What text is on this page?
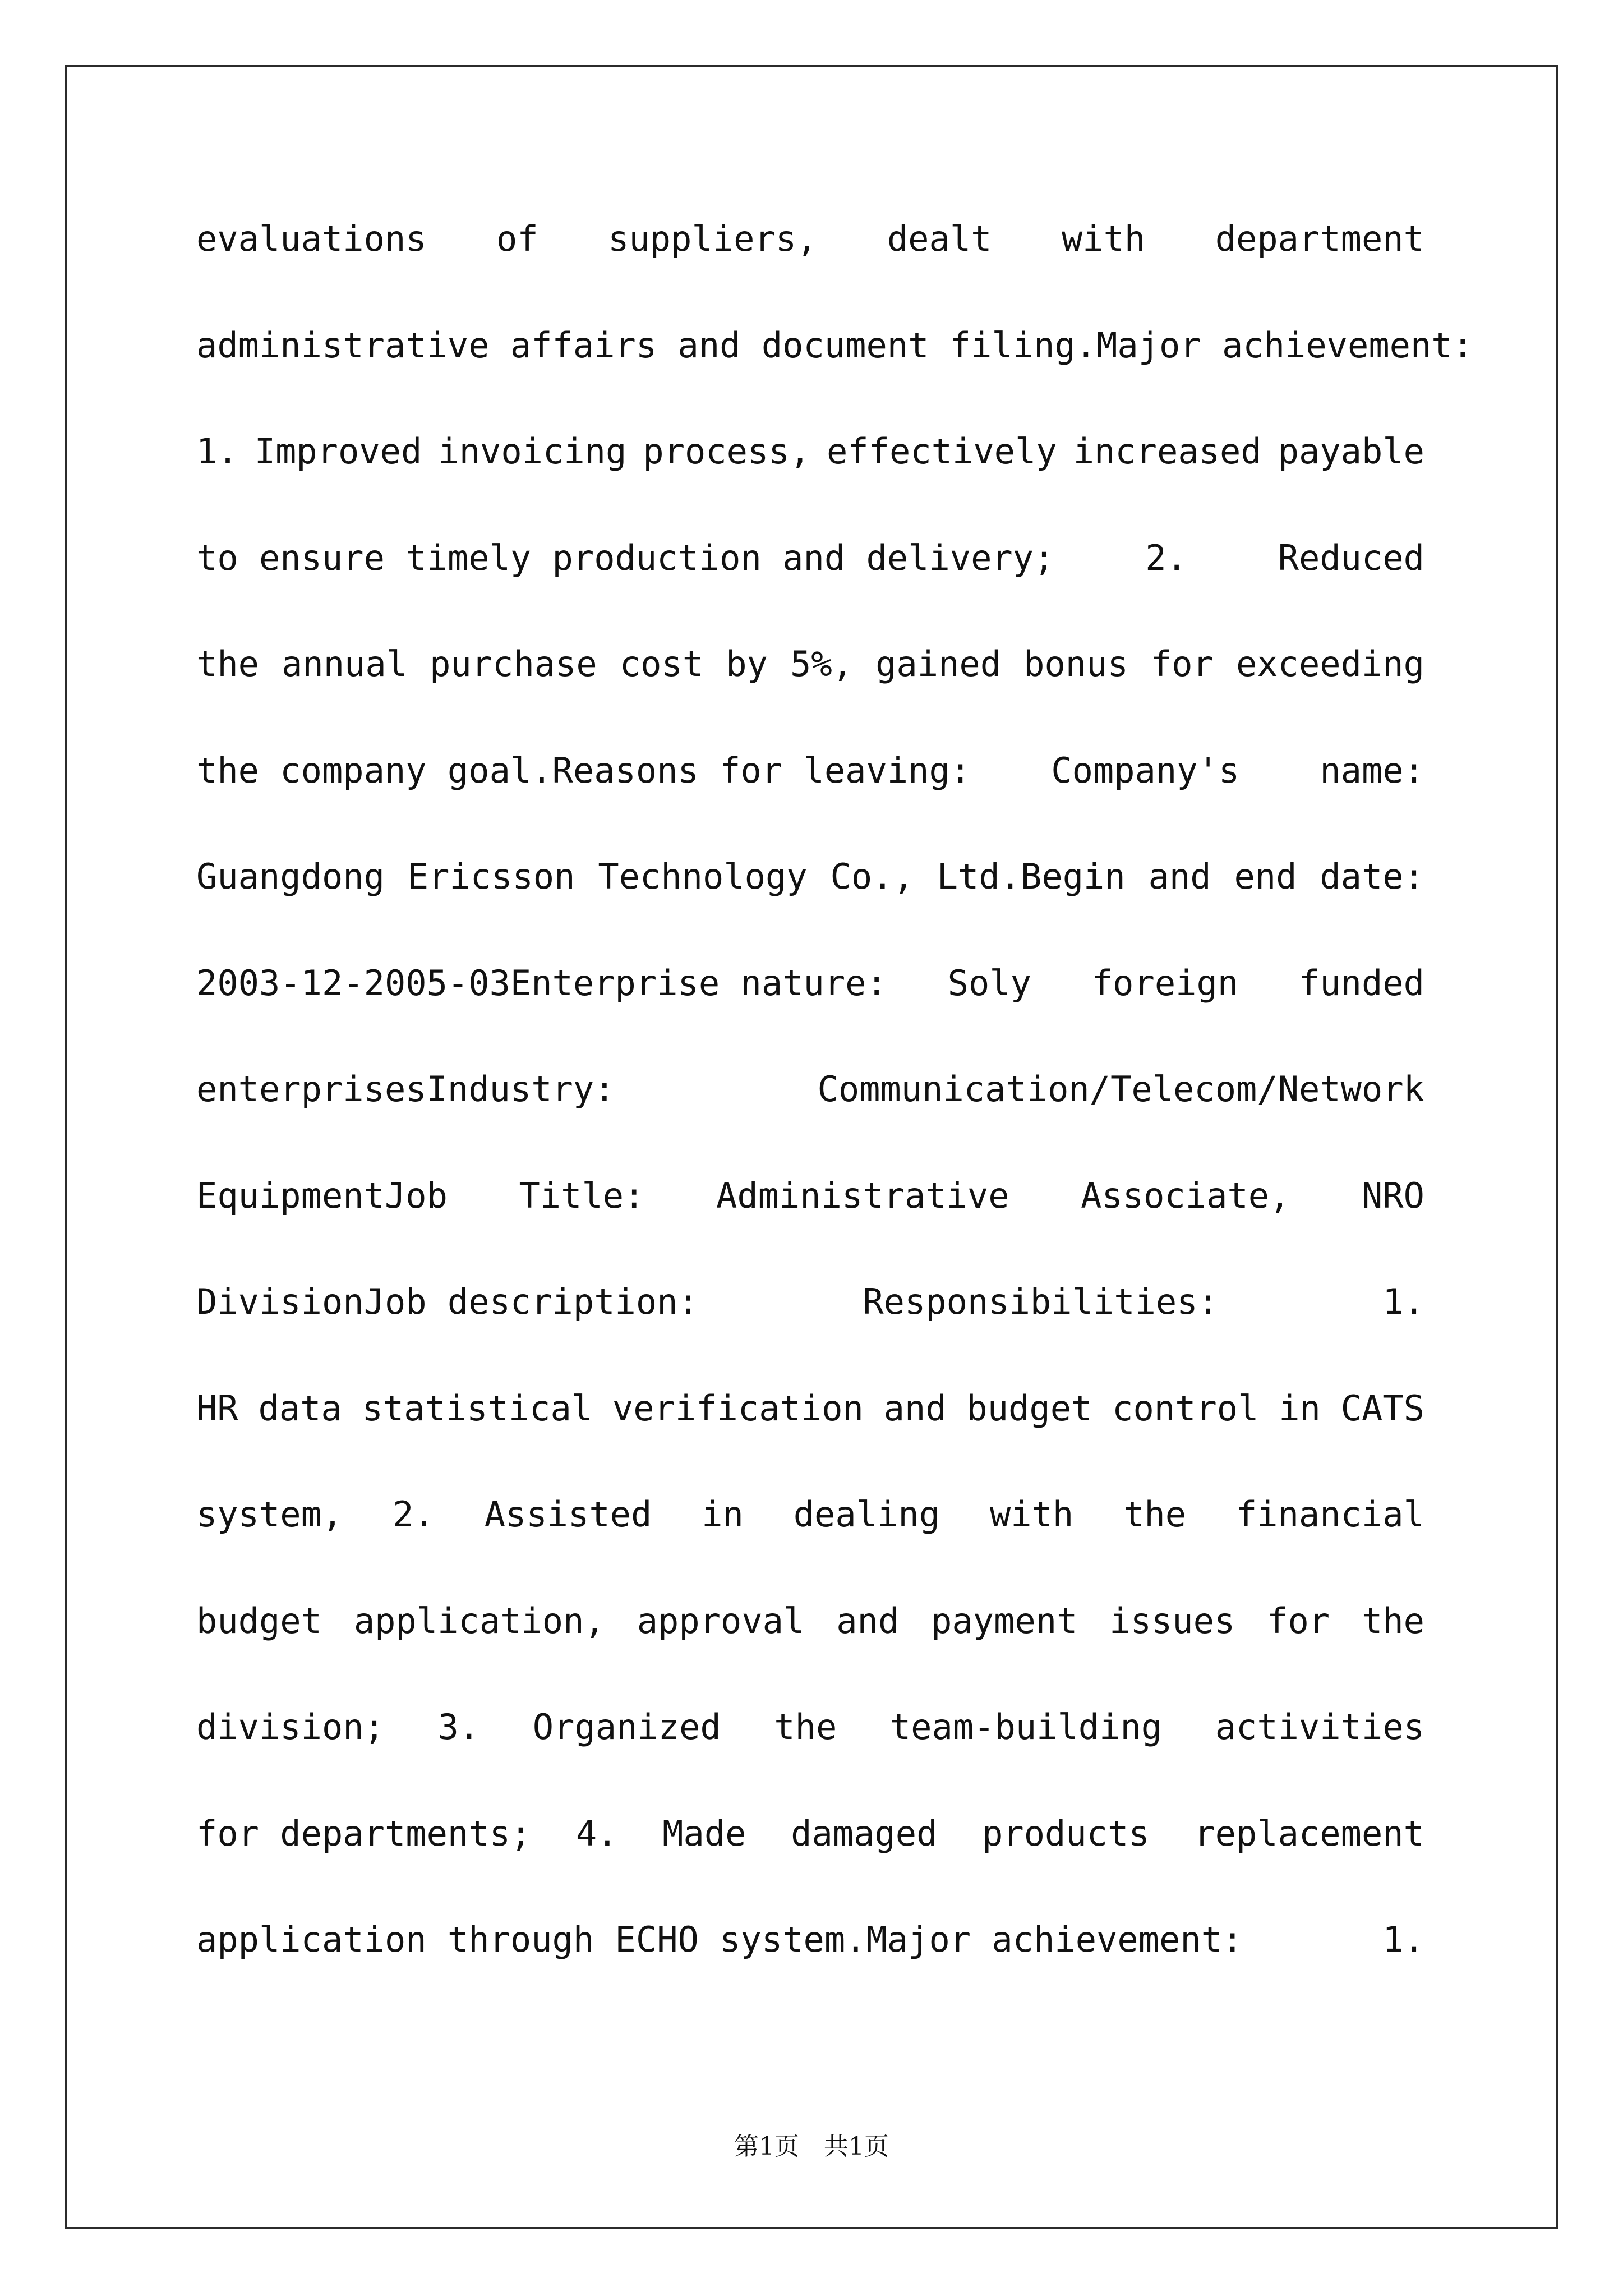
evaluations of suppliers, dealt with department
administrative affairs and document filing.Major achievement:
1. Improved invoicing process, effectively increased payable
to ensure timely production and delivery;	2.	Reduced
the annual purchase cost by 5%, gained bonus for exceeding
the company goal.Reasons for leaving: Company's name:
Guangdong Ericsson Technology Co., Ltd.Begin and end date:
2003-12-2005-03Enterprise nature: Soly foreign funded
enterprisesIndustry:	Communication/Telecom/Network
EquipmentJob Title: Administrative Associate, NRO
DivisionJob description:	Responsibilities:	1.
HR data statistical verification and budget control in CATS
system, 2. Assisted in dealing with the financial
budget application, approval and payment issues for the
division; 3. Organized the team-building activities
for departments; 4. Made damaged products replacement
application through ECHO system.Major achievement:	1.
第1页　共1页
